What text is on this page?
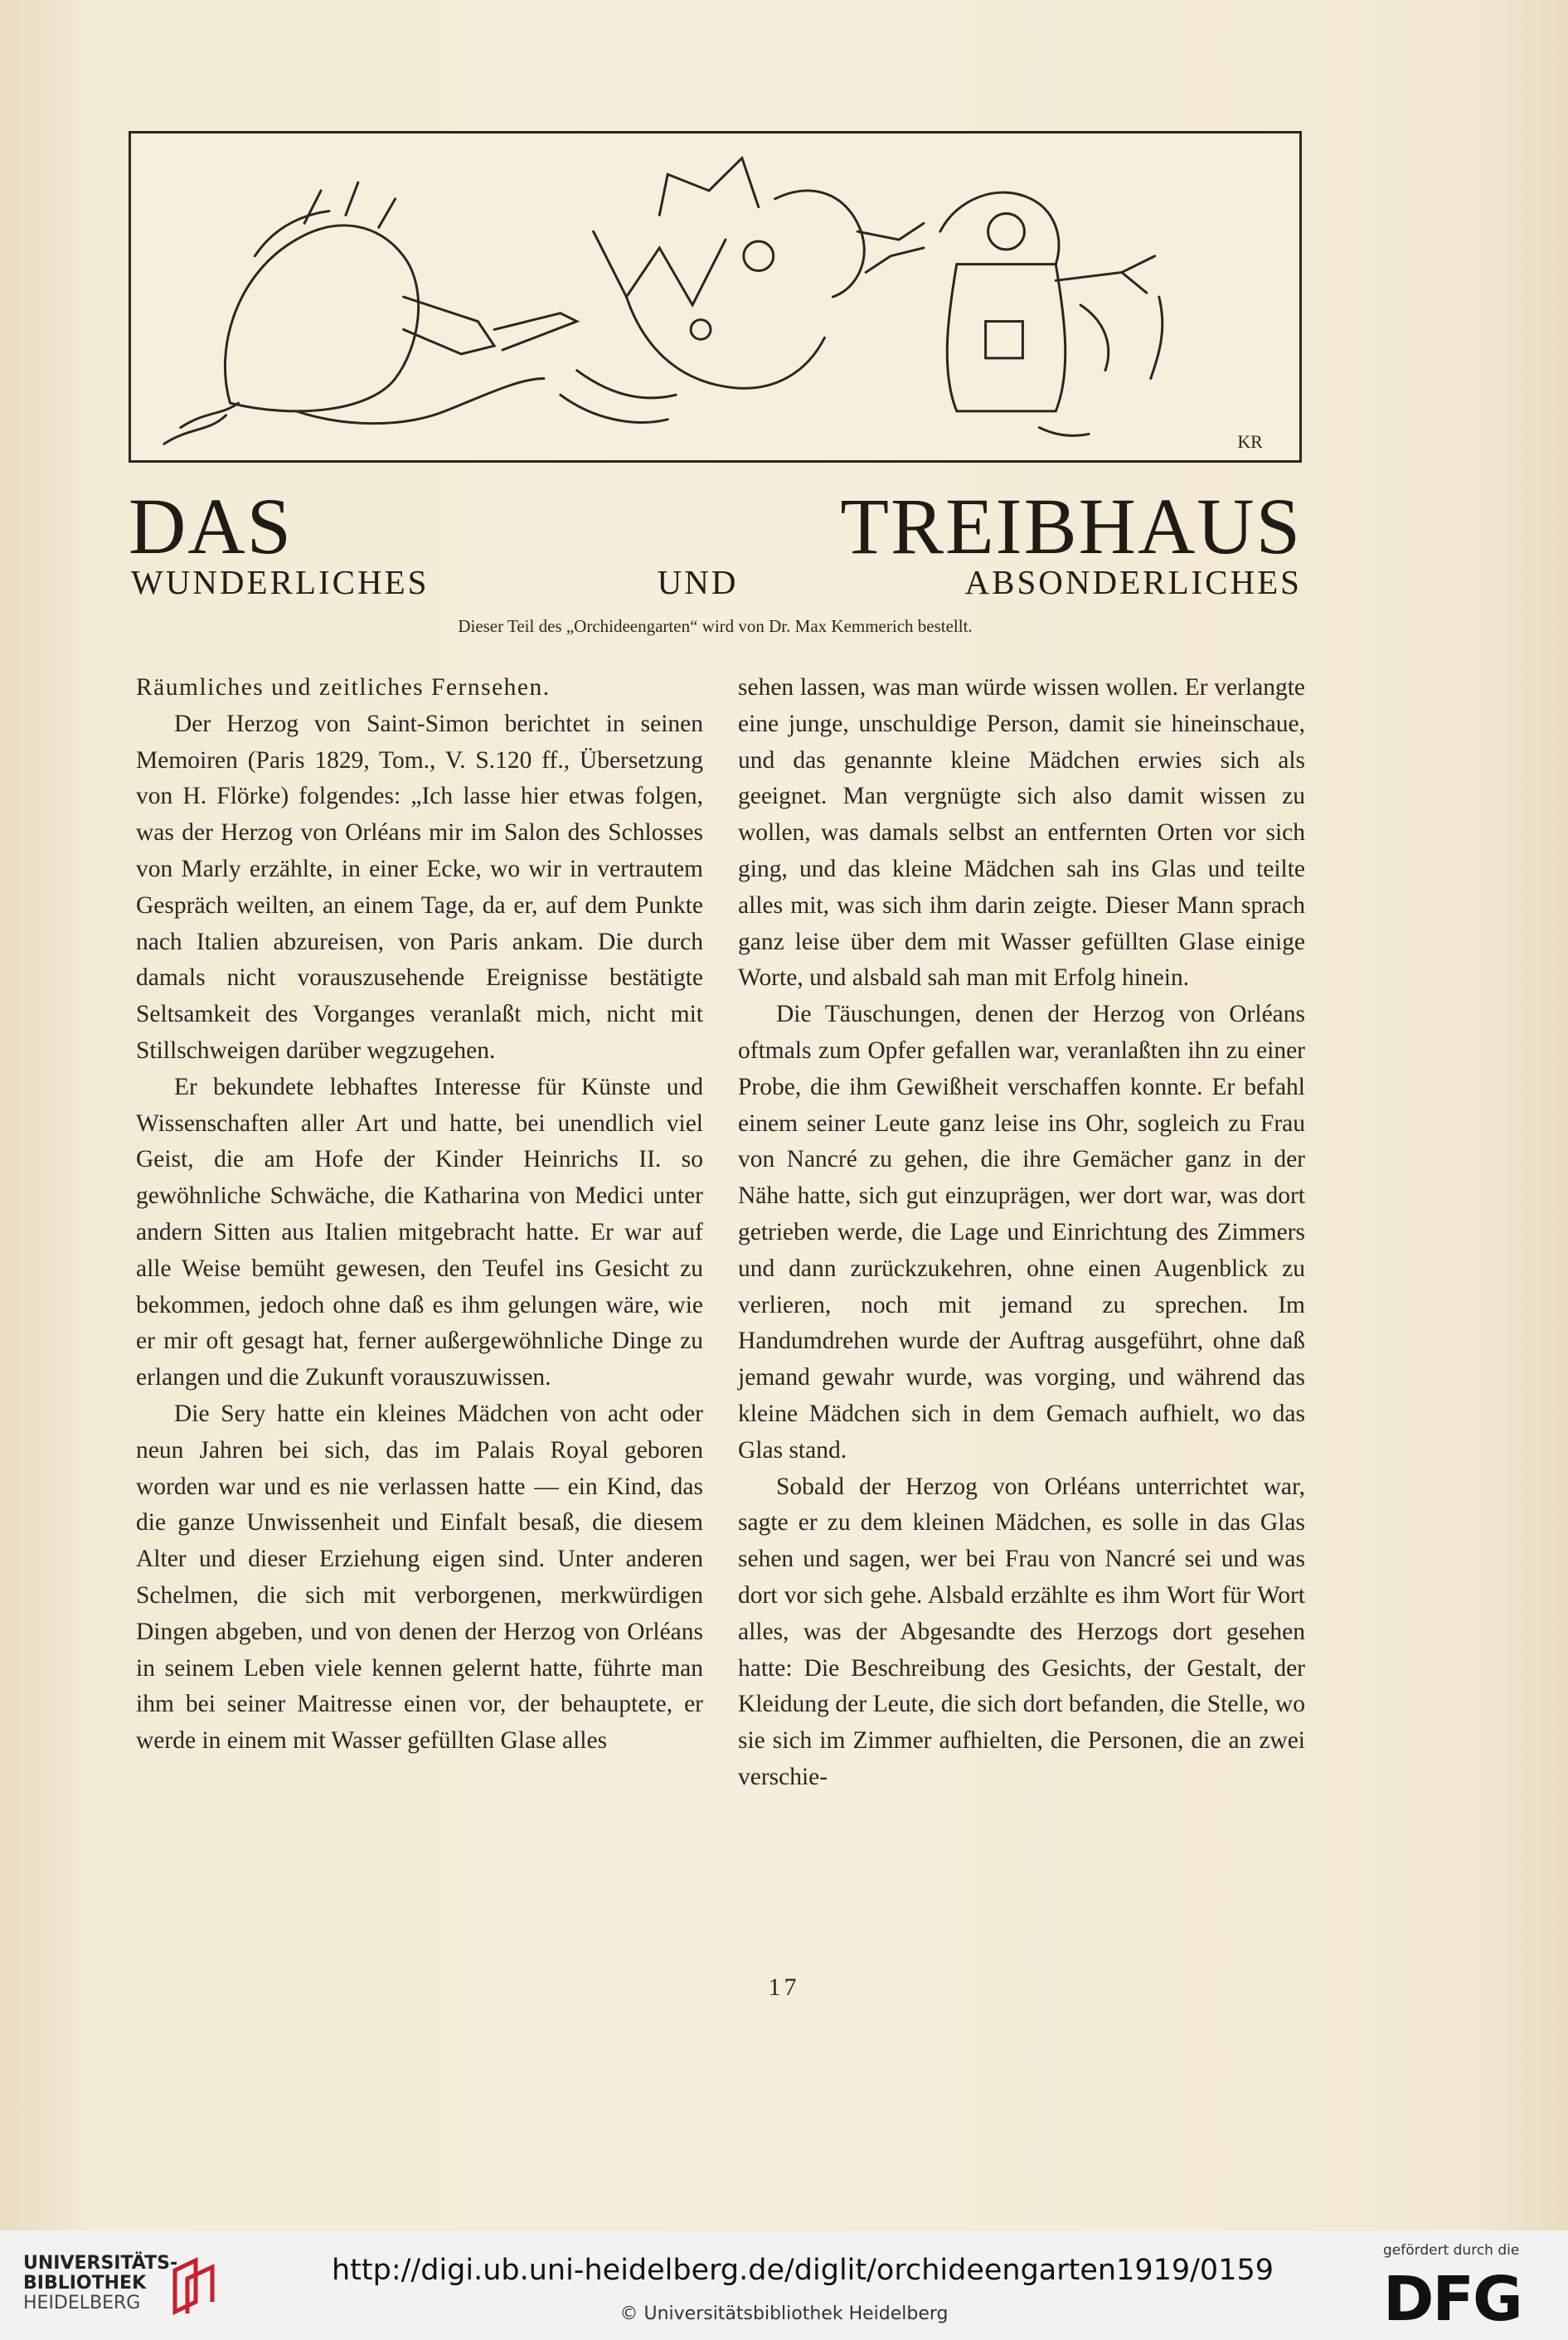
KR
DAS TREIBHAUS
WUNDERLICHES UND ABSONDERLICHES
Dieser Teil des „Orchideengarten“ wird von Dr. Max Kemmerich bestellt.

Räumliches und zeitliches Fernsehen.

Der Herzog von Saint-Simon berichtet in seinen Memoiren (Paris 1829, Tom., V. S.120 ff., Übersetzung von H. Flörke) folgendes: „Ich lasse hier etwas folgen, was der Herzog von Orléans mir im Salon des Schlosses von Marly erzählte, in einer Ecke, wo wir in vertrautem Gespräch weilten, an einem Tage, da er, auf dem Punkte nach Italien abzureisen, von Paris ankam. Die durch damals nicht vorauszusehende Ereignisse bestätigte Seltsamkeit des Vorganges veranlaßt mich, nicht mit Stillschweigen darüber wegzugehen.

Er bekundete lebhaftes Interesse für Künste und Wissenschaften aller Art und hatte, bei unendlich viel Geist, die am Hofe der Kinder Heinrichs II. so gewöhnliche Schwäche, die Katharina von Medici unter andern Sitten aus Italien mitgebracht hatte. Er war auf alle Weise bemüht gewesen, den Teufel ins Gesicht zu bekommen, jedoch ohne daß es ihm gelungen wäre, wie er mir oft gesagt hat, ferner außergewöhnliche Dinge zu erlangen und die Zukunft vorauszuwissen.

Die Sery hatte ein kleines Mädchen von acht oder neun Jahren bei sich, das im Palais Royal geboren worden war und es nie verlassen hatte — ein Kind, das die ganze Unwissenheit und Einfalt besaß, die diesem Alter und dieser Erziehung eigen sind. Unter anderen Schelmen, die sich mit verborgenen, merkwürdigen Dingen abgeben, und von denen der Herzog von Orléans in seinem Leben viele kennen gelernt hatte, führte man ihm bei seiner Maitresse einen vor, der behauptete, er werde in einem mit Wasser gefüllten Glase alles

sehen lassen, was man würde wissen wollen. Er verlangte eine junge, unschuldige Person, damit sie hineinschaue, und das genannte kleine Mädchen erwies sich als geeignet. Man vergnügte sich also damit wissen zu wollen, was damals selbst an entfernten Orten vor sich ging, und das kleine Mädchen sah ins Glas und teilte alles mit, was sich ihm darin zeigte. Dieser Mann sprach ganz leise über dem mit Wasser gefüllten Glase einige Worte, und alsbald sah man mit Erfolg hinein.

Die Täuschungen, denen der Herzog von Orléans oftmals zum Opfer gefallen war, veranlaßten ihn zu einer Probe, die ihm Gewißheit verschaffen konnte. Er befahl einem seiner Leute ganz leise ins Ohr, sogleich zu Frau von Nancré zu gehen, die ihre Gemächer ganz in der Nähe hatte, sich gut einzuprägen, wer dort war, was dort getrieben werde, die Lage und Einrichtung des Zimmers und dann zurückzukehren, ohne einen Augenblick zu verlieren, noch mit jemand zu sprechen. Im Handumdrehen wurde der Auftrag ausgeführt, ohne daß jemand gewahr wurde, was vorging, und während das kleine Mädchen sich in dem Gemach aufhielt, wo das Glas stand.

Sobald der Herzog von Orléans unterrichtet war, sagte er zu dem kleinen Mädchen, es solle in das Glas sehen und sagen, wer bei Frau von Nancré sei und was dort vor sich gehe. Alsbald erzählte es ihm Wort für Wort alles, was der Abgesandte des Herzogs dort gesehen hatte: Die Beschreibung des Gesichts, der Gestalt, der Kleidung der Leute, die sich dort befanden, die Stelle, wo sie sich im Zimmer aufhielten, die Personen, die an zwei verschie-

17
UNIVERSITÄTS-
BIBLIOTHEK
HEIDELBERG
http://digi.ub.uni-heidelberg.de/diglit/orchideengarten1919/0159
© Universitätsbibliothek Heidelberg
gefördert durch die
DFG
